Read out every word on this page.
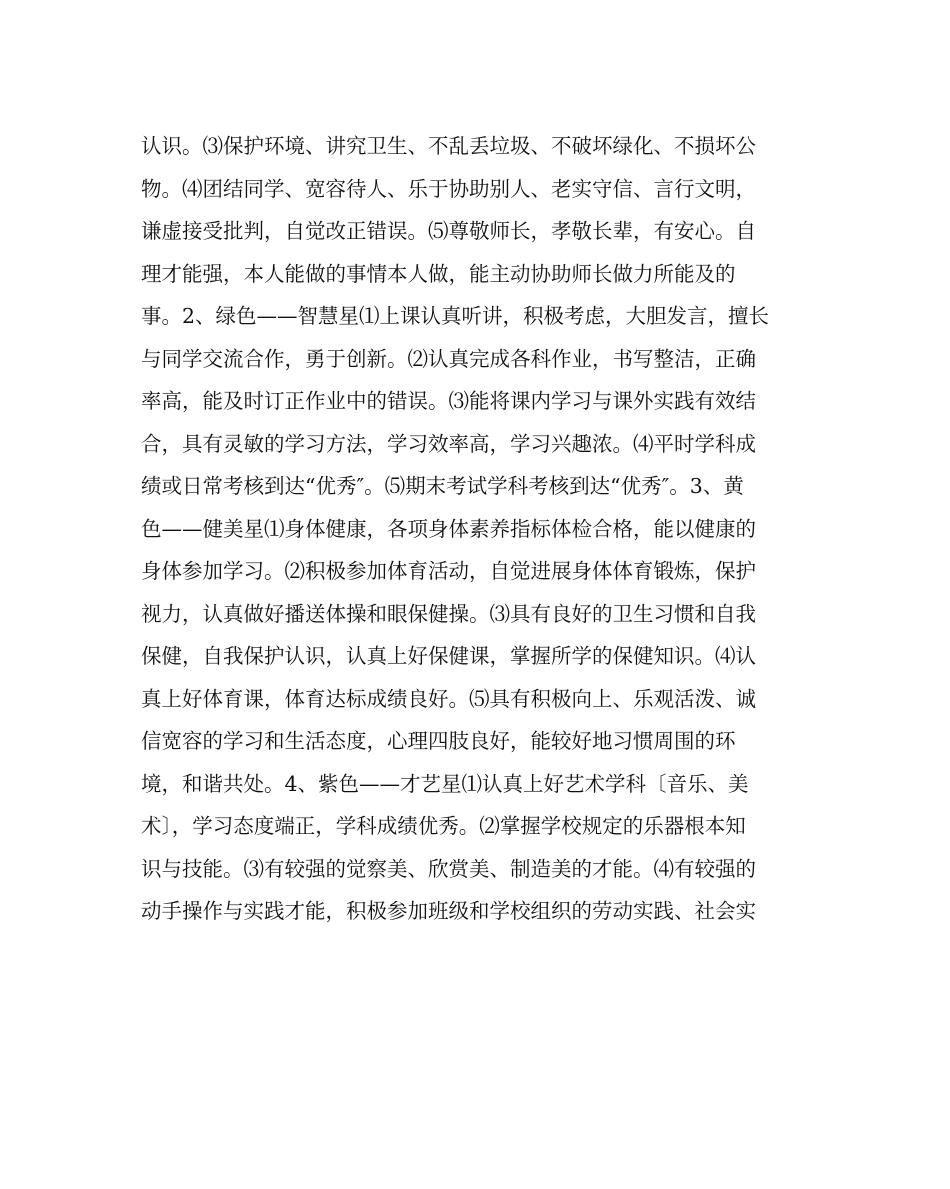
认识。⑶保护环境、讲究卫生、不乱丢垃圾、不破坏绿化、不损坏公
物。⑷团结同学、宽容待人、乐于协助别人、老实守信、言行文明，
谦虚接受批判，自觉改正错误。⑸尊敬师长，孝敬长辈，有安心。自
理才能强，本人能做的事情本人做，能主动协助师长做力所能及的
事。2、绿色——智慧星⑴上课认真听讲，积极考虑，大胆发言，擅长
与同学交流合作，勇于创新。⑵认真完成各科作业，书写整洁，正确
率高，能及时订正作业中的错误。⑶能将课内学习与课外实践有效结
合，具有灵敏的学习方法，学习效率高，学习兴趣浓。⑷平时学科成
绩或日常考核到达“优秀″。⑸期末考试学科考核到达“优秀″。3、黄
色——健美星⑴身体健康，各项身体素养指标体检合格，能以健康的
身体参加学习。⑵积极参加体育活动，自觉进展身体体育锻炼，保护
视力，认真做好播送体操和眼保健操。⑶具有良好的卫生习惯和自我
保健，自我保护认识，认真上好保健课，掌握所学的保健知识。⑷认
真上好体育课，体育达标成绩良好。⑸具有积极向上、乐观活泼、诚
信宽容的学习和生活态度，心理四肢良好，能较好地习惯周围的环
境，和谐共处。4、紫色——才艺星⑴认真上好艺术学科〔音乐、美
术〕，学习态度端正，学科成绩优秀。⑵掌握学校规定的乐器根本知
识与技能。⑶有较强的觉察美、欣赏美、制造美的才能。⑷有较强的
动手操作与实践才能，积极参加班级和学校组织的劳动实践、社会实
